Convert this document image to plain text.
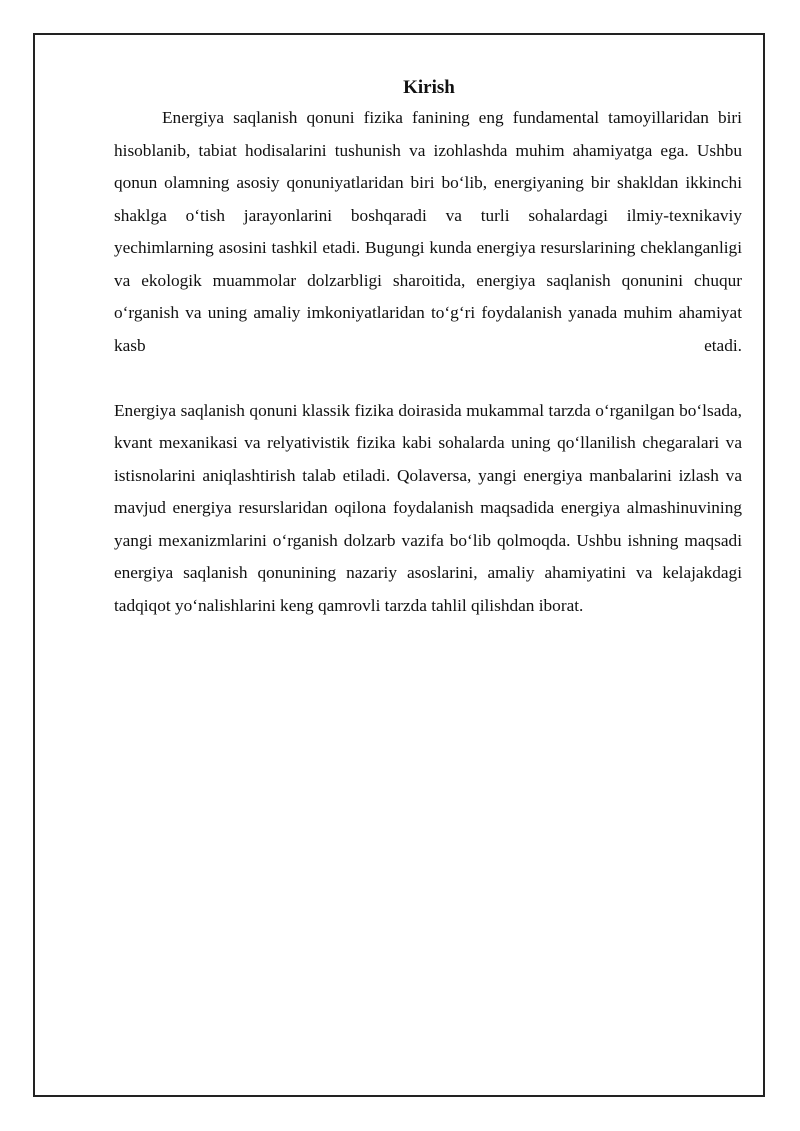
Kirish

Energiya saqlanish qonuni fizika fanining eng fundamental tamoyillaridan biri hisoblanib, tabiat hodisalarini tushunish va izohlashda muhim ahamiyatga ega. Ushbu qonun olamning asosiy qonuniyatlaridan biri bo‘lib, energiyaning bir shakldan ikkinchi shaklga o‘tish jarayonlarini boshqaradi va turli sohalardagi ilmiy-texnikaviy yechimlarning asosini tashkil etadi. Bugungi kunda energiya resurslarining cheklanganligi va ekologik muammolar dolzarbligi sharoitida, energiya saqlanish qonunini chuqur o‘rganish va uning amaliy imkoniyatlaridan to‘g‘ri foydalanish yanada muhim ahamiyat kasb etadi.

Energiya saqlanish qonuni klassik fizika doirasida mukammal tarzda o‘rganilgan bo‘lsada, kvant mexanikasi va relyativistik fizika kabi sohalarda uning qo‘llanilish chegaralari va istisnolarini aniqlashtirish talab etiladi. Qolaversa, yangi energiya manbalarini izlash va mavjud energiya resurslaridan oqilona foydalanish maqsadida energiya almashinuvining yangi mexanizmlarini o‘rganish dolzarb vazifa bo‘lib qolmoqda. Ushbu ishning maqsadi energiya saqlanish qonunining nazariy asoslarini, amaliy ahamiyatini va kelajakdagi tadqiqot yo‘nalishlarini keng qamrovli tarzda tahlil qilishdan iborat.
